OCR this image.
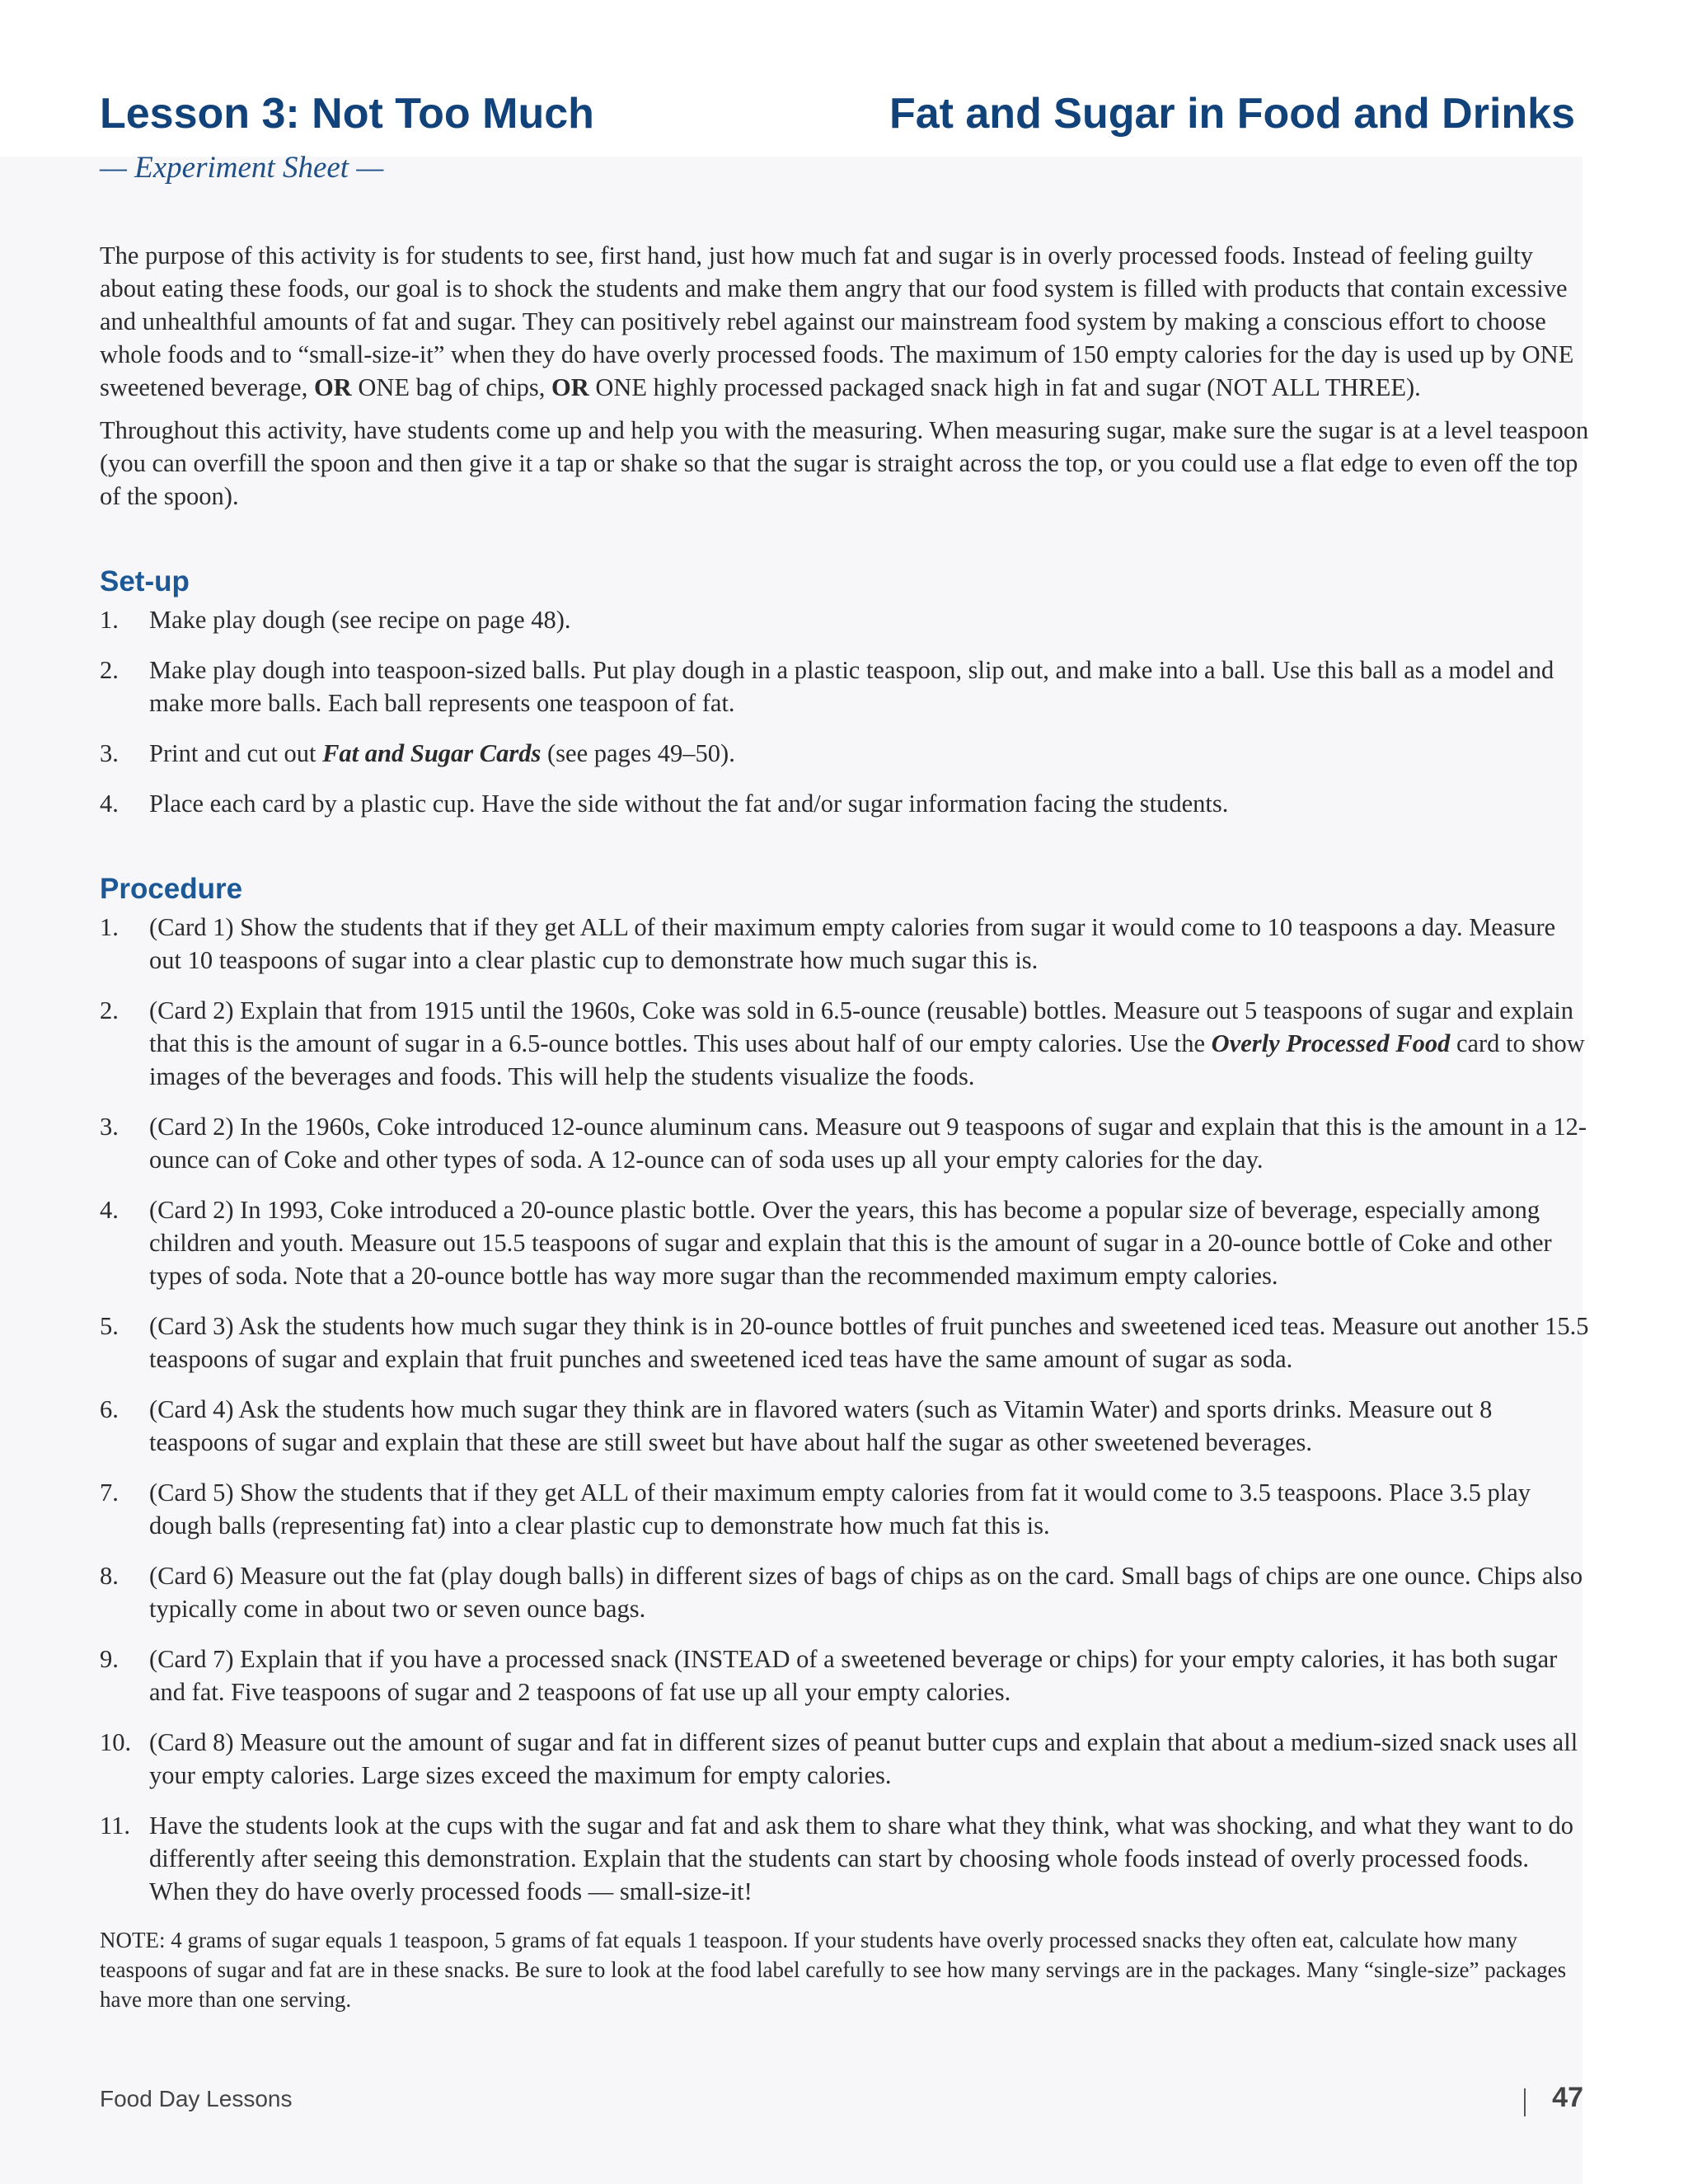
Lesson 3: Not Too Much	Fat and Sugar in Food and Drinks
— Experiment Sheet —

The purpose of this activity is for students to see, first hand, just how much fat and sugar is in overly processed foods. Instead of feeling guilty about eating these foods, our goal is to shock the students and make them angry that our food system is filled with products that contain excessive and unhealthful amounts of fat and sugar. They can positively rebel against our mainstream food system by making a conscious effort to choose whole foods and to “small-size-it” when they do have overly processed foods. The maximum of 150 empty calories for the day is used up by ONE sweetened beverage, OR ONE bag of chips, OR ONE highly processed packaged snack high in fat and sugar (NOT ALL THREE).

Throughout this activity, have students come up and help you with the measuring. When measuring sugar, make sure the sugar is at a level teaspoon (you can overfill the spoon and then give it a tap or shake so that the sugar is straight across the top, or you could use a flat edge to even off the top of the spoon).

Set-up
1. Make play dough (see recipe on page 48).
2. Make play dough into teaspoon-sized balls. Put play dough in a plastic teaspoon, slip out, and make into a ball. Use this ball as a model and make more balls. Each ball represents one teaspoon of fat.
3. Print and cut out Fat and Sugar Cards (see pages 49–50).
4. Place each card by a plastic cup. Have the side without the fat and/or sugar information facing the students.
Procedure
1. (Card 1) Show the students that if they get ALL of their maximum empty calories from sugar it would come to 10 teaspoons a day. Measure out 10 teaspoons of sugar into a clear plastic cup to demonstrate how much sugar this is.
2. (Card 2) Explain that from 1915 until the 1960s, Coke was sold in 6.5-ounce (reusable) bottles. Measure out 5 teaspoons of sugar and explain that this is the amount of sugar in a 6.5-ounce bottles. This uses about half of our empty calories. Use the Overly Processed Food card to show images of the beverages and foods. This will help the students visualize the foods.
3. (Card 2) In the 1960s, Coke introduced 12-ounce aluminum cans. Measure out 9 teaspoons of sugar and explain that this is the amount in a 12-ounce can of Coke and other types of soda. A 12-ounce can of soda uses up all your empty calories for the day.
4. (Card 2) In 1993, Coke introduced a 20-ounce plastic bottle. Over the years, this has become a popular size of beverage, especially among children and youth. Measure out 15.5 teaspoons of sugar and explain that this is the amount of sugar in a 20-ounce bottle of Coke and other types of soda. Note that a 20-ounce bottle has way more sugar than the recommended maximum empty calories.
5. (Card 3) Ask the students how much sugar they think is in 20-ounce bottles of fruit punches and sweetened iced teas. Measure out another 15.5 teaspoons of sugar and explain that fruit punches and sweetened iced teas have the same amount of sugar as soda.
6. (Card 4) Ask the students how much sugar they think are in flavored waters (such as Vitamin Water) and sports drinks. Measure out 8 teaspoons of sugar and explain that these are still sweet but have about half the sugar as other sweetened beverages.
7. (Card 5) Show the students that if they get ALL of their maximum empty calories from fat it would come to 3.5 teaspoons. Place 3.5 play dough balls (representing fat) into a clear plastic cup to demonstrate how much fat this is.
8. (Card 6) Measure out the fat (play dough balls) in different sizes of bags of chips as on the card. Small bags of chips are one ounce. Chips also typically come in about two or seven ounce bags.
9. (Card 7) Explain that if you have a processed snack (INSTEAD of a sweetened beverage or chips) for your empty calories, it has both sugar and fat. Five teaspoons of sugar and 2 teaspoons of fat use up all your empty calories.
10. (Card 8) Measure out the amount of sugar and fat in different sizes of peanut butter cups and explain that about a medium-sized snack uses all your empty calories. Large sizes exceed the maximum for empty calories.
11. Have the students look at the cups with the sugar and fat and ask them to share what they think, what was shocking, and what they want to do differently after seeing this demonstration. Explain that the students can start by choosing whole foods instead of overly processed foods. When they do have overly processed foods — small-size-it!

NOTE: 4 grams of sugar equals 1 teaspoon, 5 grams of fat equals 1 teaspoon. If your students have overly processed snacks they often eat, calculate how many teaspoons of sugar and fat are in these snacks. Be sure to look at the food label carefully to see how many servings are in the packages. Many “single-size” packages have more than one serving.

Food Day Lessons	47
